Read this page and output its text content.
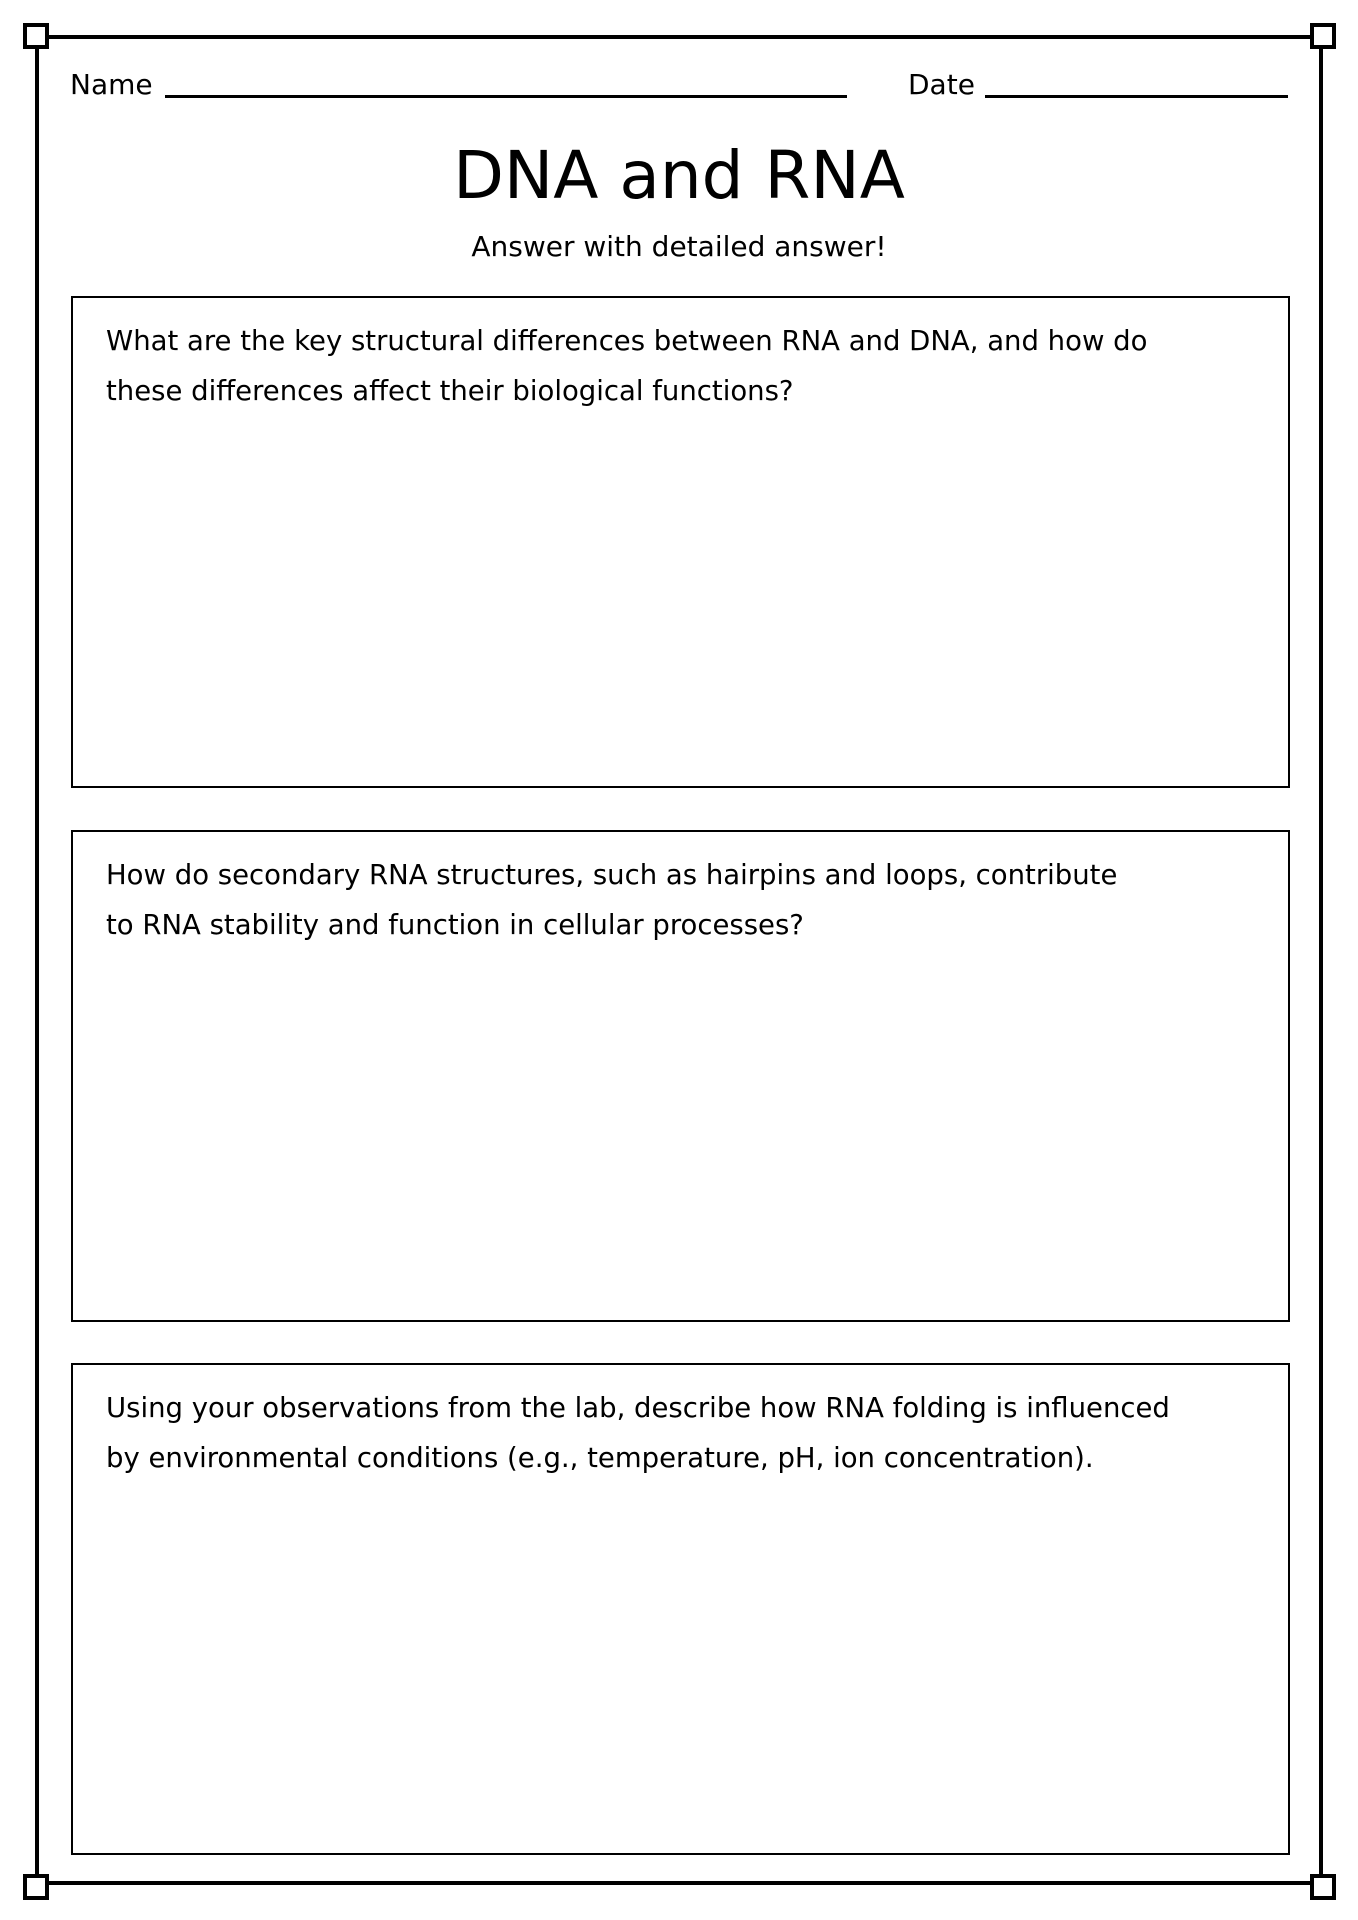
Name	Date
DNA and RNA
Answer with detailed answer!
What are the key structural differences between RNA and DNA, and how do
these differences affect their biological functions?
How do secondary RNA structures, such as hairpins and loops, contribute
to RNA stability and function in cellular processes?
Using your observations from the lab, describe how RNA folding is influenced
by environmental conditions (e.g., temperature, pH, ion concentration).
